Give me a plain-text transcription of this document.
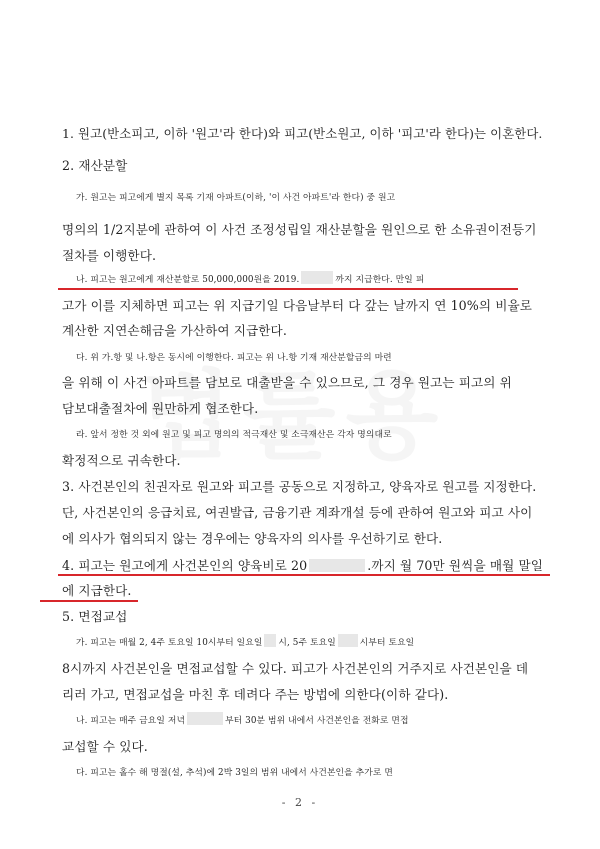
1. 원고(반소피고, 이하 '원고'라 한다)와 피고(반소원고, 이하 '피고'라 한다)는 이혼한다.
2. 재산분할
가. 원고는 피고에게 별지 목록 기재 아파트(이하, '이 사건 아파트'라 한다) 중 원고
명의의 1/2지분에 관하여 이 사건 조정성립일 재산분할을 원인으로 한 소유권이전등기
절차를 이행한다.
나. 피고는 원고에게 재산분할로 50,000,000원을 2019.	까지 지급한다. 만일 피
고가 이를 지체하면 피고는 위 지급기일 다음날부터 다 갚는 날까지 연 10%의 비율로
계산한 지연손해금을 가산하여 지급한다.
다. 위 가.항 및 나.항은 동시에 이행한다. 피고는 위 나.항 기재 재산분할금의 마련
을 위해 이 사건 아파트를 담보로 대출받을 수 있으므로, 그 경우 원고는 피고의 위
담보대출절차에 원만하게 협조한다.
라. 앞서 정한 것 외에 원고 및 피고 명의의 적극재산 및 소극재산은 각자 명의대로
확정적으로 귀속한다.
3. 사건본인의 친권자로 원고와 피고를 공동으로 지정하고, 양육자로 원고를 지정한다.
단, 사건본인의 응급치료, 여권발급, 금융기관 계좌개설 등에 관하여 원고와 피고 사이
에 의사가 협의되지 않는 경우에는 양육자의 의사를 우선하기로 한다.
4. 피고는 원고에게 사건본인의 양육비로 20	.까지 월 70만 원씩을 매월 말일
에 지급한다.
5. 면접교섭
가. 피고는 매월 2, 4주 토요일 10시부터 일요일 시, 5주 토요일	시부터 토요일
8시까지 사건본인을 면접교섭할 수 있다. 피고가 사건본인의 거주지로 사건본인을 데
리러 가고, 면접교섭을 마친 후 데려다 주는 방법에 의한다(이하 같다).
나. 피고는 매주 금요일 저녁	부터 30분 범위 내에서 사건본인을 전화로 면접
교섭할 수 있다.
다. 피고는 홀수 해 명절(설, 추석)에 2박 3일의 범위 내에서 사건본인을 추가로 면
- 2 -
